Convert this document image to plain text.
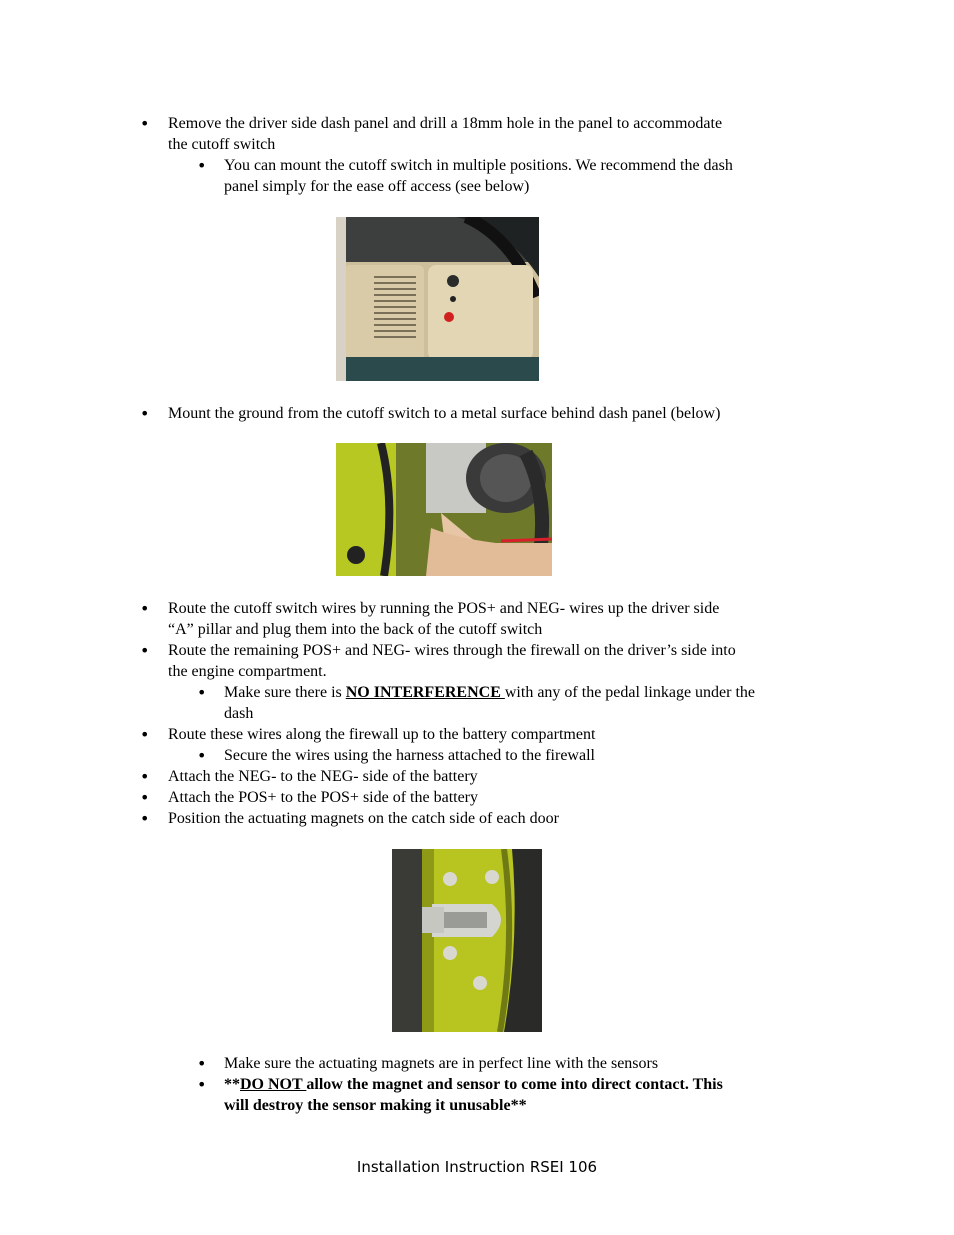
• Remove the driver side dash panel and drill a 18mm hole in the panel to accommodate
the cutoff switch
• You can mount the cutoff switch in multiple positions. We recommend the dash
panel simply for the ease off access (see below)
• Mount the ground from the cutoff switch to a metal surface behind dash panel (below)
• Route the cutoff switch wires by running the POS+ and NEG- wires up the driver side
“A” pillar and plug them into the back of the cutoff switch
• Route the remaining POS+ and NEG- wires through the firewall on the driver’s side into
the engine compartment.
• Make sure there is NO INTERFERENCE with any of the pedal linkage under the
dash
• Route these wires along the firewall up to the battery compartment
• Secure the wires using the harness attached to the firewall
• Attach the NEG- to the NEG- side of the battery
• Attach the POS+ to the POS+ side of the battery
• Position the actuating magnets on the catch side of each door
• Make sure the actuating magnets are in perfect line with the sensors
• **DO NOT allow the magnet and sensor to come into direct contact. This
will destroy the sensor making it unusable**
Installation Instruction RSEI 106
